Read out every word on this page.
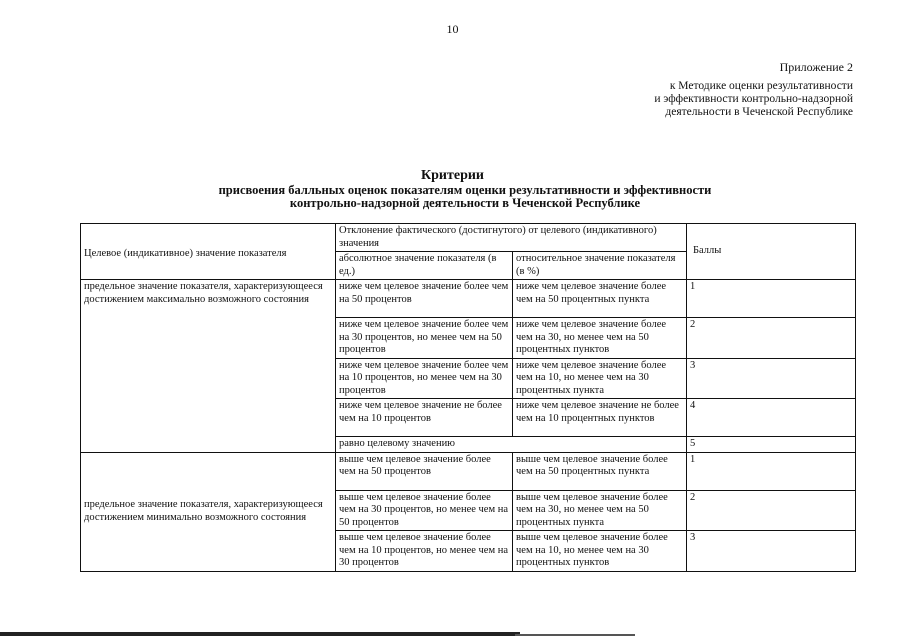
10
Приложение 2
к Методике оценки результативности
и эффективности контрольно-надзорной
деятельности в Чеченской Республике
Критерии
присвоения балльных оценок показателям оценки результативности и эффективности
контрольно-надзорной деятельности в Чеченской Республике
Целевое (индикативное) значение показателя	Отклонение фактического (достигнутого) от целевого (индикативного) значения		Баллы
	абсолютное значение показателя (в ед.)	относительное значение показателя (в %)	
предельное значение показателя, характеризующееся достижением максимально возможного состояния	ниже чем целевое значение более чем на 50 процентов	ниже чем целевое значение более чем на 50 процентных пункта	1
	ниже чем целевое значение более чем на 30 процентов, но менее чем на 50 процентов	ниже чем целевое значение более чем на 30, но менее чем на 50 процентных пунктов	2
	ниже чем целевое значение более чем на 10 процентов, но менее чем на 30 процентов	ниже чем целевое значение более чем на 10, но менее чем на 30 процентных пункта	3
	ниже чем целевое значение не более чем на 10 процентов	ниже чем целевое значение не более чем на 10 процентных пунктов	4
	равно целевому значению		5
предельное значение показателя, характеризующееся достижением минимально возможного состояния	выше чем целевое значение более чем на 50 процентов	выше чем целевое значение более чем на 50 процентных пункта	1
	выше чем целевое значение более чем на 30 процентов, но менее чем на 50 процентов	выше чем целевое значение более чем на 30, но менее чем на 50 процентных пункта	2
	выше чем целевое значение более чем на 10 процентов, но менее чем на 30 процентов	выше чем целевое значение более чем на 10, но менее чем на 30 процентных пунктов	3
